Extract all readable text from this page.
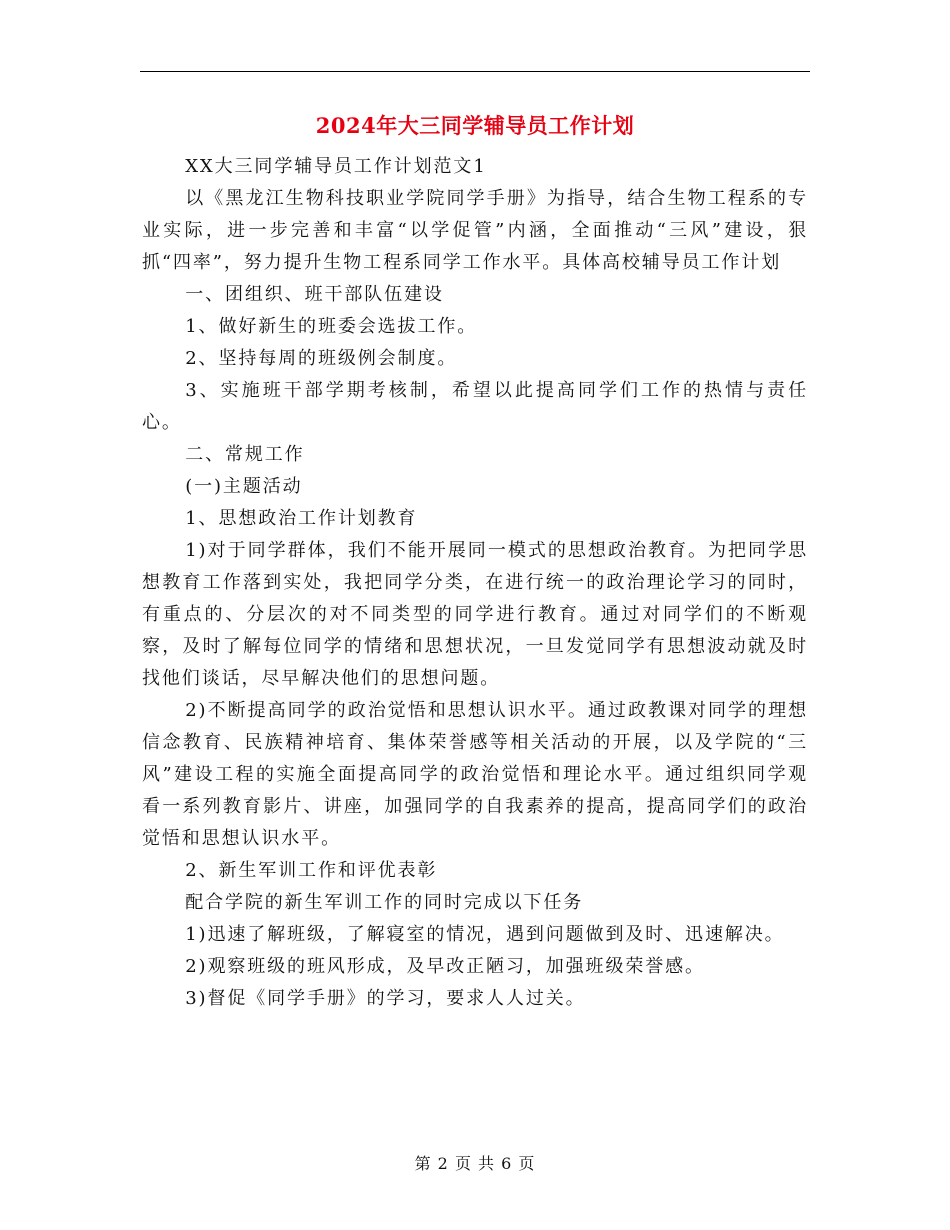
2024年大三同学辅导员工作计划

XX大三同学辅导员工作计划范文1

以《黑龙江生物科技职业学院同学手册》为指导，结合生物工程系的专业实际，进一步完善和丰富“以学促管”内涵，全面推动“三风”建设，狠抓“四率”，努力提升生物工程系同学工作水平。具体高校辅导员工作计划

一、团组织、班干部队伍建设

1、做好新生的班委会选拔工作。

2、坚持每周的班级例会制度。

3、实施班干部学期考核制，希望以此提高同学们工作的热情与责任心。

二、常规工作

(一)主题活动

1、思想政治工作计划教育

1)对于同学群体，我们不能开展同一模式的思想政治教育。为把同学思想教育工作落到实处，我把同学分类，在进行统一的政治理论学习的同时，有重点的、分层次的对不同类型的同学进行教育。通过对同学们的不断观察，及时了解每位同学的情绪和思想状况，一旦发觉同学有思想波动就及时找他们谈话，尽早解决他们的思想问题。

2)不断提高同学的政治觉悟和思想认识水平。通过政教课对同学的理想信念教育、民族精神培育、集体荣誉感等相关活动的开展，以及学院的“三风”建设工程的实施全面提高同学的政治觉悟和理论水平。通过组织同学观看一系列教育影片、讲座，加强同学的自我素养的提高，提高同学们的政治觉悟和思想认识水平。

2、新生军训工作和评优表彰

配合学院的新生军训工作的同时完成以下任务

1)迅速了解班级，了解寝室的情况，遇到问题做到及时、迅速解决。

2)观察班级的班风形成，及早改正陋习，加强班级荣誉感。

3)督促《同学手册》的学习，要求人人过关。

第 2 页 共 6 页
